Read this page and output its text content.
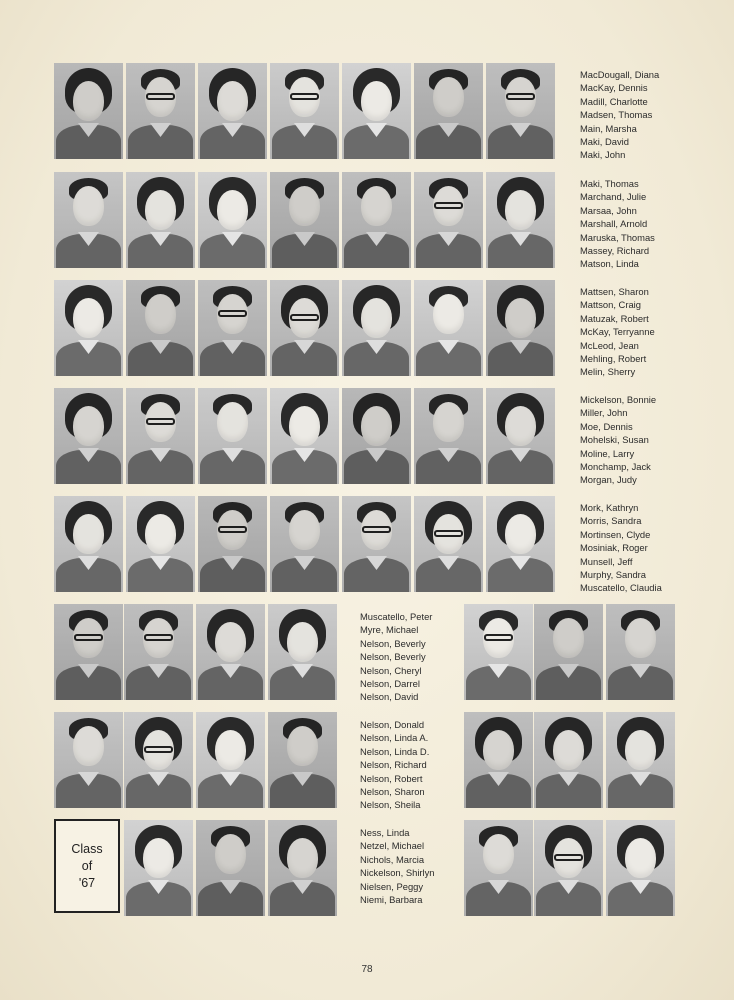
MacDougall, Diana
MacKay, Dennis
Madill, Charlotte
Madsen, Thomas
Main, Marsha
Maki, David
Maki, John
Maki, Thomas
Marchand, Julie
Marsaa, John
Marshall, Arnold
Maruska, Thomas
Massey, Richard
Matson, Linda
Mattsen, Sharon
Mattson, Craig
Matuzak, Robert
McKay, Terryanne
McLeod, Jean
Mehling, Robert
Melin, Sherry
Mickelson, Bonnie
Miller, John
Moe, Dennis
Mohelski, Susan
Moline, Larry
Monchamp, Jack
Morgan, Judy
Mork, Kathryn
Morris, Sandra
Mortinsen, Clyde
Mosiniak, Roger
Munsell, Jeff
Murphy, Sandra
Muscatello, Claudia
Muscatello, Peter
Myre, Michael
Nelson, Beverly
Nelson, Beverly
Nelson, Cheryl
Nelson, Darrel
Nelson, David
Nelson, Donald
Nelson, Linda A.
Nelson, Linda D.
Nelson, Richard
Nelson, Robert
Nelson, Sharon
Nelson, Sheila
Ness, Linda
Netzel, Michael
Nichols, Marcia
Nickelson, Shirlyn
Nielsen, Peggy
Niemi, Barbara
Class
of
'67
78
